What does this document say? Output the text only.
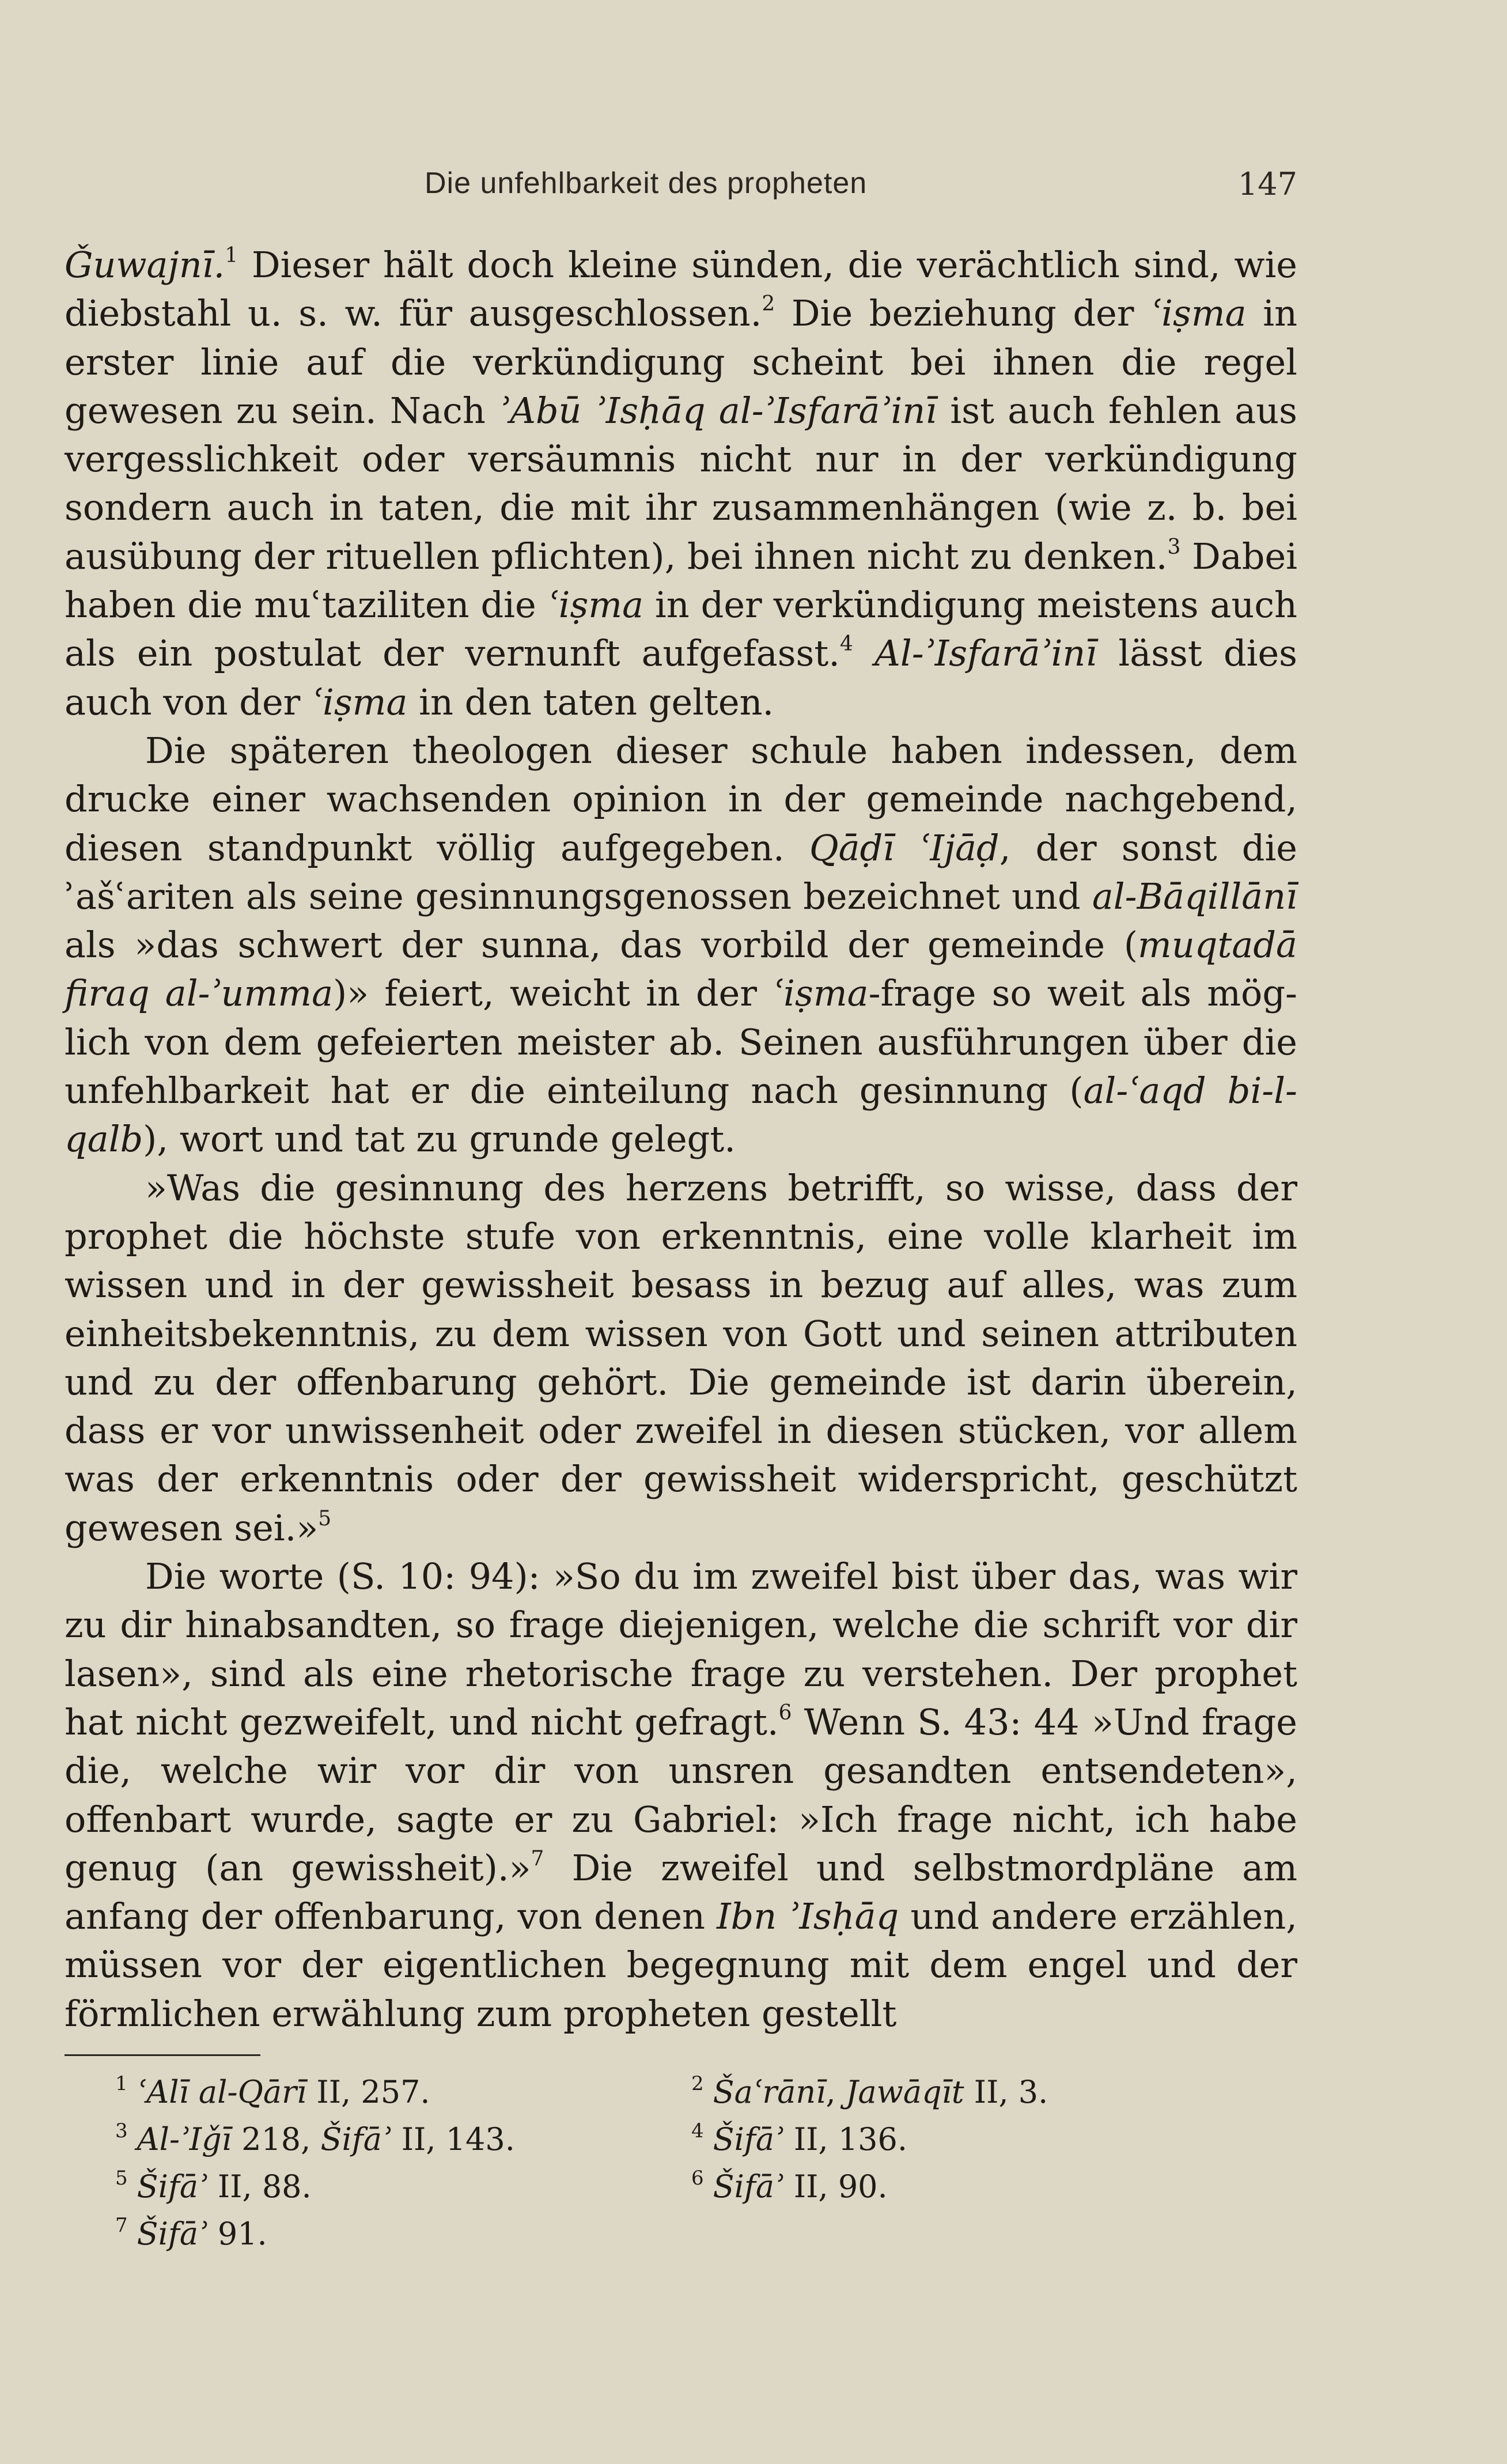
Die unfehlbarkeit des propheten	147

Ǧuwajnī.$^1$ Dieser hält doch kleine sünden, die verächtlich sind, wie diebstahl u. s. w. für ausgeschlossen.$^2$ Die beziehung der ʿiṣma in erster linie auf die verkündigung scheint bei ihnen die regel gewesen zu sein. Nach ʾAbū ʾIsḥāq al-ʾIsfarāʾinī ist auch fehlen aus vergesslichkeit oder versäumnis nicht nur in der verkündigung sondern auch in taten, die mit ihr zusammenhängen (wie z. b. bei ausübung der rituellen pflichten), bei ihnen nicht zu denken.$^3$ Dabei haben die muʿtaziliten die ʿiṣma in der verkündigung meistens auch als ein postulat der vernunft aufgefasst.$^4$ Al-ʾIsfarāʾinī lässt dies auch von der ʿiṣma in den taten gelten.

Die späteren theologen dieser schule haben indessen, dem drucke einer wachsenden opinion in der gemeinde nachgebend, diesen standpunkt völlig aufgegeben. Qāḍī ʿIjāḍ, der sonst die ʾašʿariten als seine gesinnungsgenossen bezeichnet und al-Bāqillānī als »das schwert der sunna, das vorbild der gemeinde (muqtadā firaq al-ʾumma)» feiert, weicht in der ʿiṣma-frage so weit als möglich von dem gefeierten meister ab. Seinen ausführungen über die unfehlbarkeit hat er die einteilung nach gesinnung (al-ʿaqd bi-l-qalb), wort und tat zu grunde gelegt.

»Was die gesinnung des herzens betrifft, so wisse, dass der prophet die höchste stufe von erkenntnis, eine volle klarheit im wissen und in der gewissheit besass in bezug auf alles, was zum einheitsbekenntnis, zu dem wissen von Gott und seinen attributen und zu der offenbarung gehört. Die gemeinde ist darin überein, dass er vor unwissenheit oder zweifel in diesen stücken, vor allem was der erkenntnis oder der gewissheit widerspricht, geschützt gewesen sei.»$^5$

Die worte (S. 10: 94): »So du im zweifel bist über das, was wir zu dir hinabsandten, so frage diejenigen, welche die schrift vor dir lasen», sind als eine rhetorische frage zu verstehen. Der prophet hat nicht gezweifelt, und nicht gefragt.$^6$ Wenn S. 43: 44 »Und frage die, welche wir vor dir von unsren gesandten entsendeten», offenbart wurde, sagte er zu Gabriel: »Ich frage nicht, ich habe genug (an gewissheit).»$^7$ Die zweifel und selbstmordpläne am anfang der offenbarung, von denen Ibn ʾIsḥāq und andere erzählen, müssen vor der eigentlichen begegnung mit dem engel und der förmlichen erwählung zum propheten gestellt

$^1$ ʿAlī al-Qārī II, 257.	$^2$ Šaʿrānī, Jawāqīt II, 3.
$^3$ Al-ʾIǧī 218, Šifāʾ II, 143.	$^4$ Šifāʾ II, 136.
$^5$ Šifāʾ II, 88.	$^6$ Šifāʾ II, 90.
$^7$ Šifāʾ 91.
